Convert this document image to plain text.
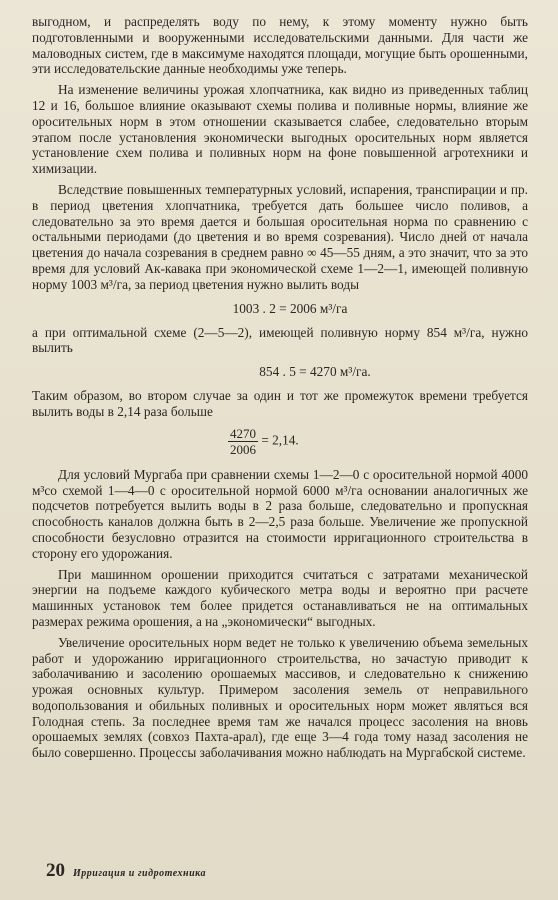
выгодном, и распределять воду по нему, к этому моменту нужно быть подготовленными и вооруженными исследовательскими данными. Для части же маловодных систем, где в максимуме находятся площади, могущие быть орошенными, эти исследовательские данные необходимы уже теперь.

На изменение величины урожая хлопчатника, как видно из приведенных таблиц 12 и 16, большое влияние оказывают схемы полива и поливные нормы, влияние же оросительных норм в этом отношении сказывается слабее, следовательно вторым этапом после установления экономически выгодных оросительных норм является установление схем полива и поливных норм на фоне повышенной агротехники и химизации.

Вследствие повышенных температурных условий, испарения, транспирации и пр. в период цветения хлопчатника, требуется дать большее число поливов, а следовательно за это время дается и большая оросительная норма по сравнению с остальными периодами (до цветения и во время созревания). Число дней от начала цветения до начала созревания в среднем равно ∞ 45—55 дням, а это значит, что за это время для условий Ак-кавака при экономической схеме 1—2—1, имеющей поливную норму 1003 м³/га, за период цветения нужно вылить воды

1003 . 2 = 2006 м³/га

а при оптимальной схеме (2—5—2), имеющей поливную норму 854 м³/га, нужно вылить

854 . 5 = 4270 м³/га.

Таким образом, во втором случае за один и тот же промежуток времени требуется вылить воды в 2,14 раза больше

$\frac{4270}{2006} = 2,14$.

Для условий Мургаба при сравнении схемы 1—2—0 с оросительной нормой 4000 м³со схемой 1—4—0 с оросительной нормой 6000 м³/га основании аналогичных же подсчетов потребуется вылить воды в 2 раза больше, следовательно и пропускная способность каналов должна быть в 2—2,5 раза больше. Увеличение же пропускной способности безусловно отразится на стоимости ирригационного строительства в сторону его удорожания.

При машинном орошении приходится считаться с затратами механической энергии на подъеме каждого кубического метра воды и вероятно при расчете машинных установок тем более придется останавливаться не на оптимальных размерах режима орошения, а на „экономически“ выгодных.

Увеличение оросительных норм ведет не только к увеличению объема земельных работ и удорожанию ирригационного строительства, но зачастую приводит к заболачиванию и засолению орошаемых массивов, и следовательно к снижению урожая основных культур. Примером засоления земель от неправильного водопользования и обильных поливных и оросительных норм может являться вся Голодная степь. За последнее время там же начался процесс засоления на вновь орошаемых землях (совхоз Пахта-арал), где еще 3—4 года тому назад засоления не было совершенно. Процессы заболачивания можно наблюдать на Мургабской системе.

20 Ирригация и гидротехника
